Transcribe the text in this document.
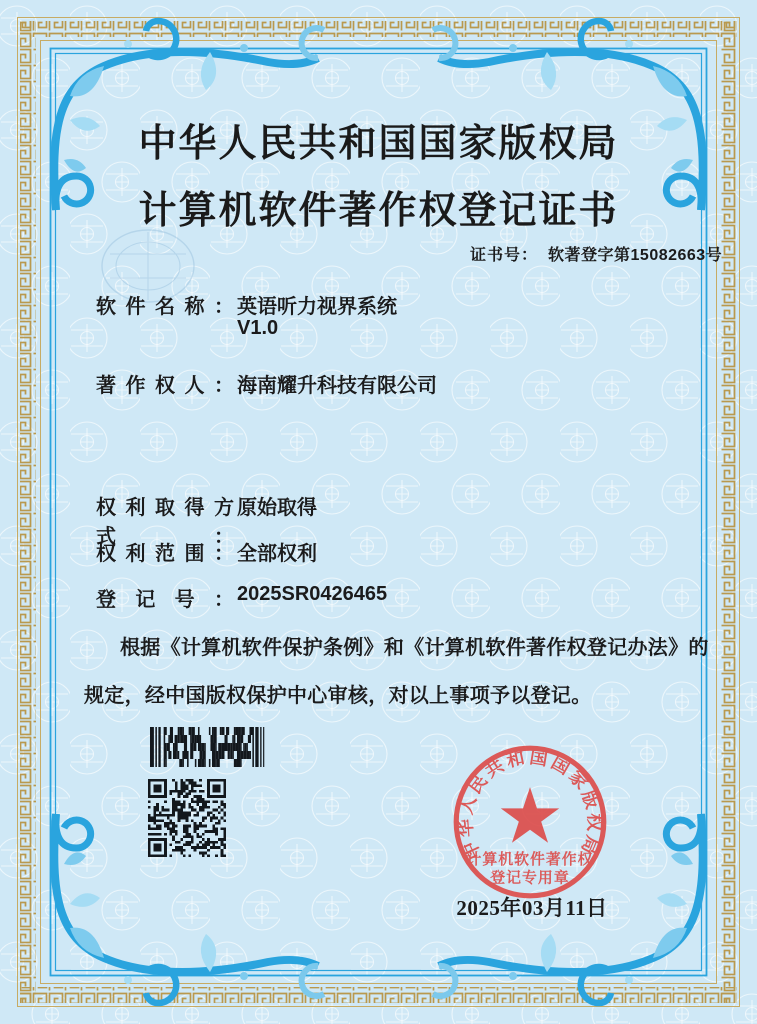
中华人民共和国国家版权局
计算机软件著作权登记证书
证书号： 软著登字第15082663号
软件名称： 英语听力视界系统
V1.0
著作权人： 海南耀升科技有限公司
权利取得方式：
原始取得
权利范围： 全部权利
登记号： 2025SR0426465
根据《计算机软件保护条例》和《计算机软件著作权登记办法》的
规定，经中国版权保护中心审核，对以上事项予以登记。
中华人民共和国国家版权局
计算机软件著作权
登记专用章
2025年03月11日
